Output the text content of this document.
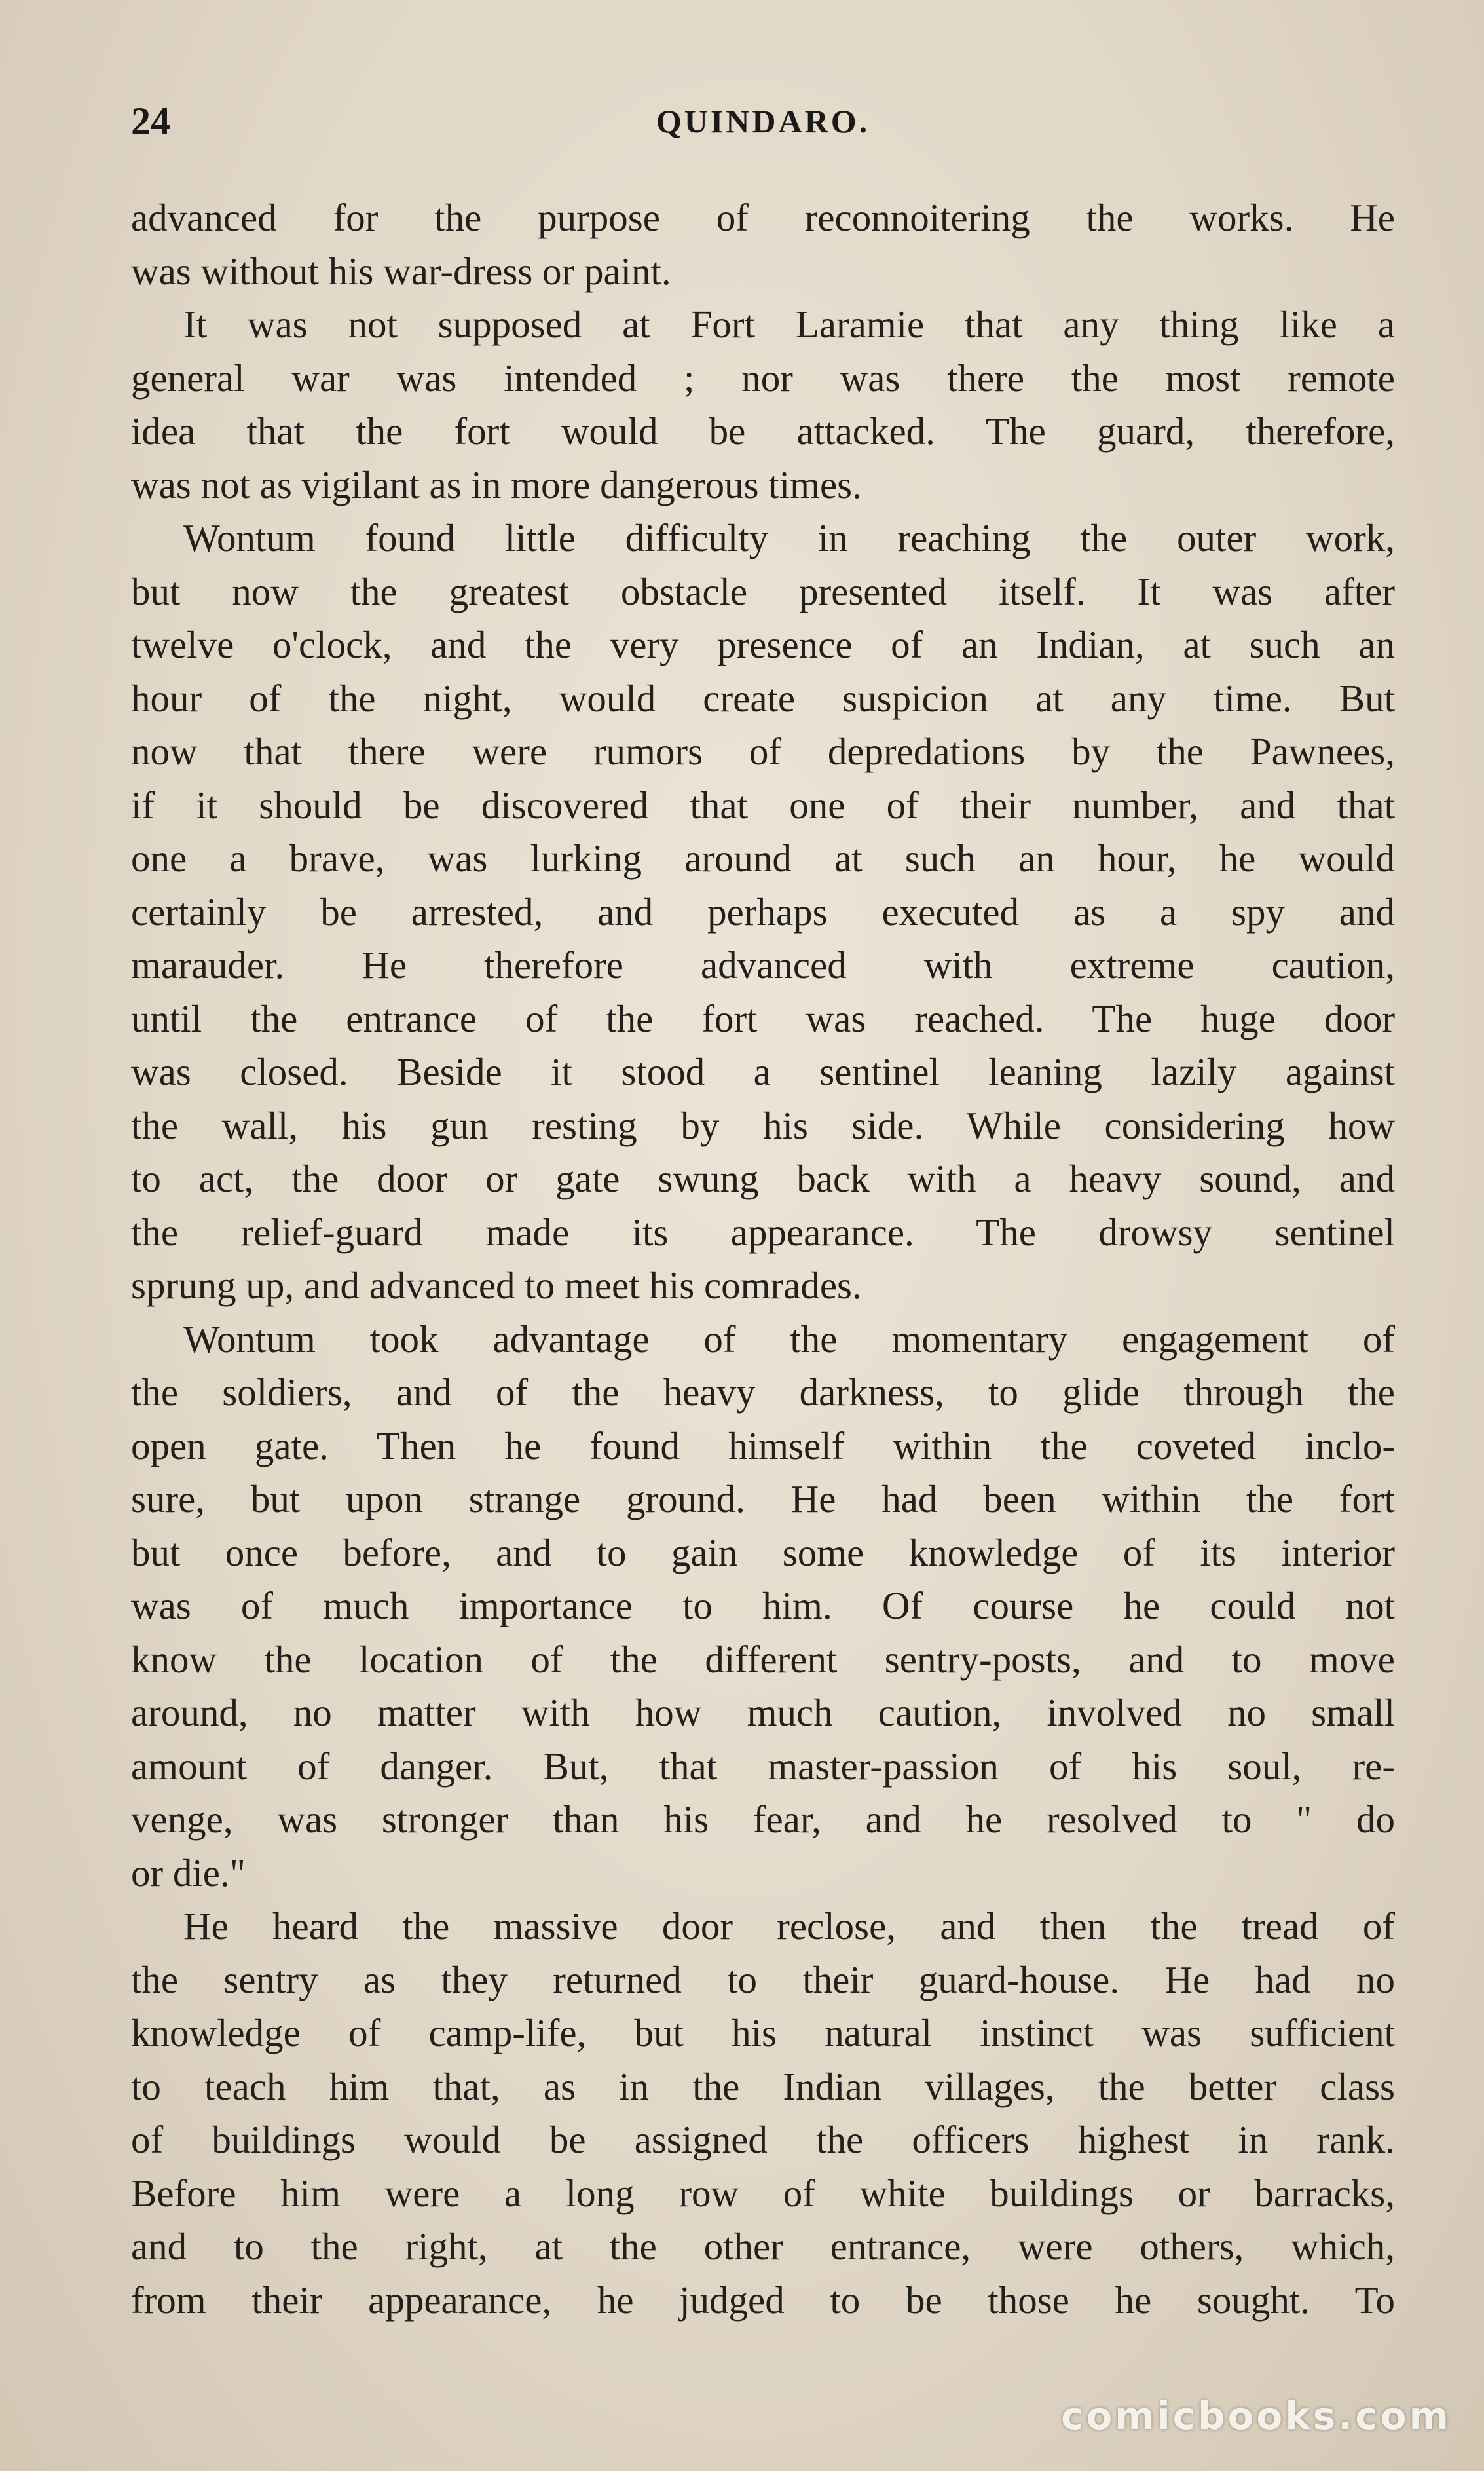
24	QUINDARO.
advanced for the purpose of reconnoitering the works. He
was without his war-dress or paint.
It was not supposed at Fort Laramie that any thing like a
general war was intended ; nor was there the most remote
idea that the fort would be attacked. The guard, therefore,
was not as vigilant as in more dangerous times.
Wontum found little difficulty in reaching the outer work,
but now the greatest obstacle presented itself. It was after
twelve o'clock, and the very presence of an Indian, at such an
hour of the night, would create suspicion at any time. But
now that there were rumors of depredations by the Pawnees,
if it should be discovered that one of their number, and that
one a brave, was lurking around at such an hour, he would
certainly be arrested, and perhaps executed as a spy and
marauder. He therefore advanced with extreme caution,
until the entrance of the fort was reached. The huge door
was closed. Beside it stood a sentinel leaning lazily against
the wall, his gun resting by his side. While considering how
to act, the door or gate swung back with a heavy sound, and
the relief-guard made its appearance. The drowsy sentinel
sprung up, and advanced to meet his comrades.
Wontum took advantage of the momentary engagement of
the soldiers, and of the heavy darkness, to glide through the
open gate. Then he found himself within the coveted inclo-
sure, but upon strange ground. He had been within the fort
but once before, and to gain some knowledge of its interior
was of much importance to him. Of course he could not
know the location of the different sentry-posts, and to move
around, no matter with how much caution, involved no small
amount of danger. But, that master-passion of his soul, re-
venge, was stronger than his fear, and he resolved to " do
or die."
He heard the massive door reclose, and then the tread of
the sentry as they returned to their guard-house. He had no
knowledge of camp-life, but his natural instinct was sufficient
to teach him that, as in the Indian villages, the better class
of buildings would be assigned the officers highest in rank.
Before him were a long row of white buildings or barracks,
and to the right, at the other entrance, were others, which,
from their appearance, he judged to be those he sought. To
comicbooks.com
